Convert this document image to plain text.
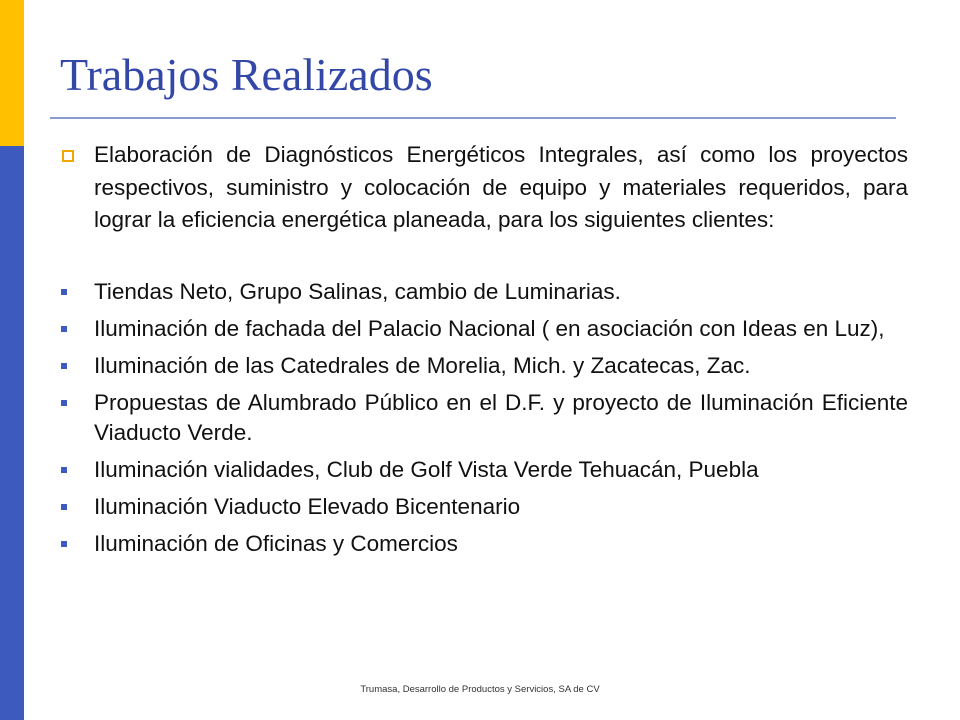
Trabajos Realizados
Elaboración de Diagnósticos Energéticos Integrales, así como los proyectos respectivos, suministro y colocación de equipo y materiales requeridos, para lograr la eficiencia energética planeada, para los siguientes clientes:
Tiendas Neto, Grupo Salinas, cambio de Luminarias.
Iluminación de fachada del Palacio Nacional ( en asociación con Ideas en Luz),
Iluminación de las Catedrales de Morelia, Mich. y Zacatecas, Zac.
Propuestas de Alumbrado Público en el D.F. y proyecto de Iluminación Eficiente Viaducto Verde.
Iluminación vialidades, Club de Golf Vista Verde Tehuacán, Puebla
Iluminación Viaducto Elevado Bicentenario
Iluminación de Oficinas y Comercios
Trumasa, Desarrollo de Productos y Servicios, SA de CV
